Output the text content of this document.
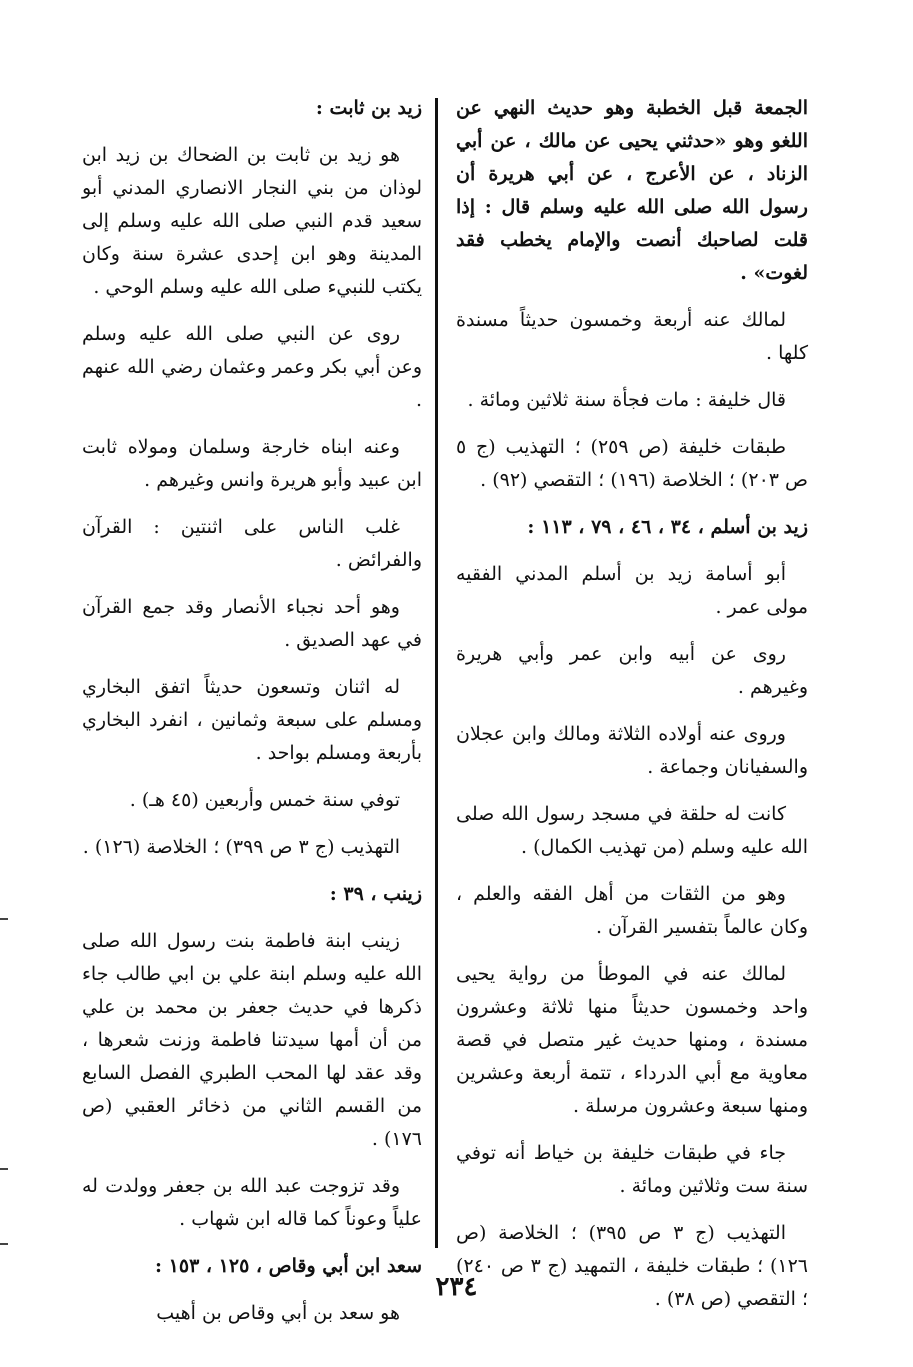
الجمعة قبل الخطبة وهو حديث النهي عن اللغو وهو «حدثني يحيى عن مالك ، عن أبي الزناد ، عن الأعرج ، عن أبي هريرة أن رسول الله صلى الله عليه وسلم قال : إذا قلت لصاحبك أنصت والإمام يخطب فقد لغوت» .

لمالك عنه أربعة وخمسون حديثاً مسندة كلها .

قال خليفة : مات فجأة سنة ثلاثين ومائة .

طبقات خليفة (ص ٢٥٩) ؛ التهذيب (ج ٥ ص ٢٠٣) ؛ الخلاصة (١٩٦) ؛ التقصي (٩٢) .

زيد بن أسلم ، ٣٤ ، ٤٦ ، ٧٩ ، ١١٣ :

أبو أسامة زيد بن أسلم المدني الفقيه مولى عمر .

روى عن أبيه وابن عمر وأبي هريرة وغيرهم .

وروى عنه أولاده الثلاثة ومالك وابن عجلان والسفيانان وجماعة .

كانت له حلقة في مسجد رسول الله صلى الله عليه وسلم (من تهذيب الكمال) .

وهو من الثقات من أهل الفقه والعلم ، وكان عالماً بتفسير القرآن .

لمالك عنه في الموطأ من رواية يحيى واحد وخمسون حديثاً منها ثلاثة وعشرون مسندة ، ومنها حديث غير متصل في قصة معاوية مع أبي الدرداء ، تتمة أربعة وعشرين ومنها سبعة وعشرون مرسلة .

جاء في طبقات خليفة بن خياط أنه توفي سنة ست وثلاثين ومائة .

التهذيب (ج ٣ ص ٣٩٥) ؛ الخلاصة (ص ١٢٦) ؛ طبقات خليفة ، التمهيد (ج ٣ ص ٢٤٠) ؛ التقصي (ص ٣٨) .

زيد بن ثابت :

هو زيد بن ثابت بن الضحاك بن زيد ابن لوذان من بني النجار الانصاري المدني أبو سعيد قدم النبي صلى الله عليه وسلم إلى المدينة وهو ابن إحدى عشرة سنة وكان يكتب للنبيء صلى الله عليه وسلم الوحي .

روى عن النبي صلى الله عليه وسلم وعن أبي بكر وعمر وعثمان رضي الله عنهم .

وعنه ابناه خارجة وسلمان ومولاه ثابت ابن عبيد وأبو هريرة وانس وغيرهم .

غلب الناس على اثنتين : القرآن والفرائض .

وهو أحد نجباء الأنصار وقد جمع القرآن في عهد الصديق .

له اثنان وتسعون حديثاً اتفق البخاري ومسلم على سبعة وثمانين ، انفرد البخاري بأربعة ومسلم بواحد .

توفي سنة خمس وأربعين (٤٥ هـ) .

التهذيب (ج ٣ ص ٣٩٩) ؛ الخلاصة (١٢٦) .

زينب ، ٣٩ :

زينب ابنة فاطمة بنت رسول الله صلى الله عليه وسلم ابنة علي بن ابي طالب جاء ذكرها في حديث جعفر بن محمد بن علي من أن أمها سيدتنا فاطمة وزنت شعرها ، وقد عقد لها المحب الطبري الفصل السابع من القسم الثاني من ذخائر العقبي (ص ١٧٦) .

وقد تزوجت عبد الله بن جعفر وولدت له علياً وعوناً كما قاله ابن شهاب .

سعد ابن أبي وقاص ، ١٢٥ ، ١٥٣ :

هو سعد بن أبي وقاص بن أهيب

٢٣٤
